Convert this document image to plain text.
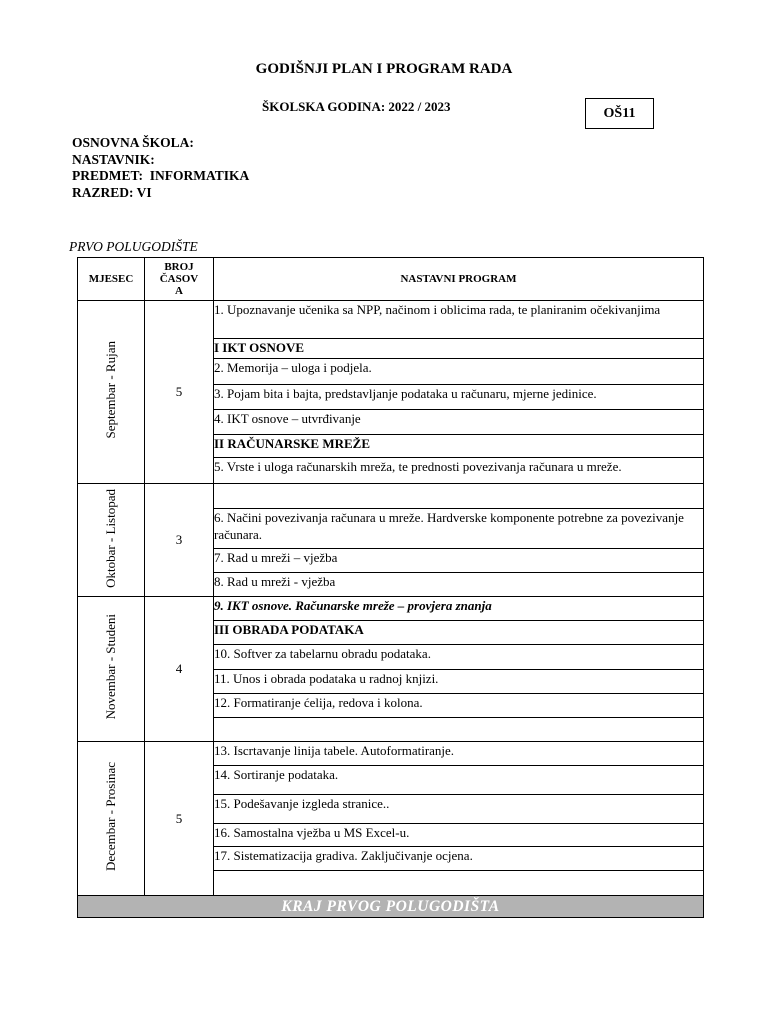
GODIŠNJI PLAN I PROGRAM RADA
ŠKOLSKA GODINA: 2022 / 2023	OŠ11
OSNOVNA ŠKOLA:
NASTAVNIK:
PREDMET:  INFORMATIKA
RAZRED: VI
PRVO POLUGODIŠTE
MJESEC	BROJ ČASOVA	NASTAVNI PROGRAM
Septembar - Rujan	5	1. Upoznavanje učenika sa NPP, načinom i oblicima rada, te planiranim očekivanjima
		I IKT OSNOVE
		2. Memorija – uloga i podjela.
		3. Pojam bita i bajta, predstavljanje podataka u računaru, mjerne jedinice.
		4. IKT osnove – utvrđivanje
		II RAČUNARSKE MREŽE
		5. Vrste i uloga računarskih mreža, te prednosti povezivanja računara u mreže.
Oktobar - Listopad	3	
		6. Načini povezivanja računara u mreže. Hardverske komponente potrebne za povezivanje računara.
		7. Rad u mreži – vježba
		8. Rad u mreži - vježba
Novembar - Studeni	4	9. IKT osnove. Računarske mreže – provjera znanja
		III OBRADA PODATAKA
		10. Softver za tabelarnu obradu podataka.
		11. Unos i obrada podataka u radnoj knjizi.
		12. Formatiranje ćelija, redova i kolona.

Decembar - Prosinac	5	13. Iscrtavanje linija tabele. Autoformatiranje.
		14. Sortiranje podataka.
		15. Podešavanje izgleda stranice..
		16. Samostalna vježba u MS Excel-u.
		17. Sistematizacija gradiva. Zaključivanje ocjena.

KRAJ PRVOG POLUGODIŠTA		
